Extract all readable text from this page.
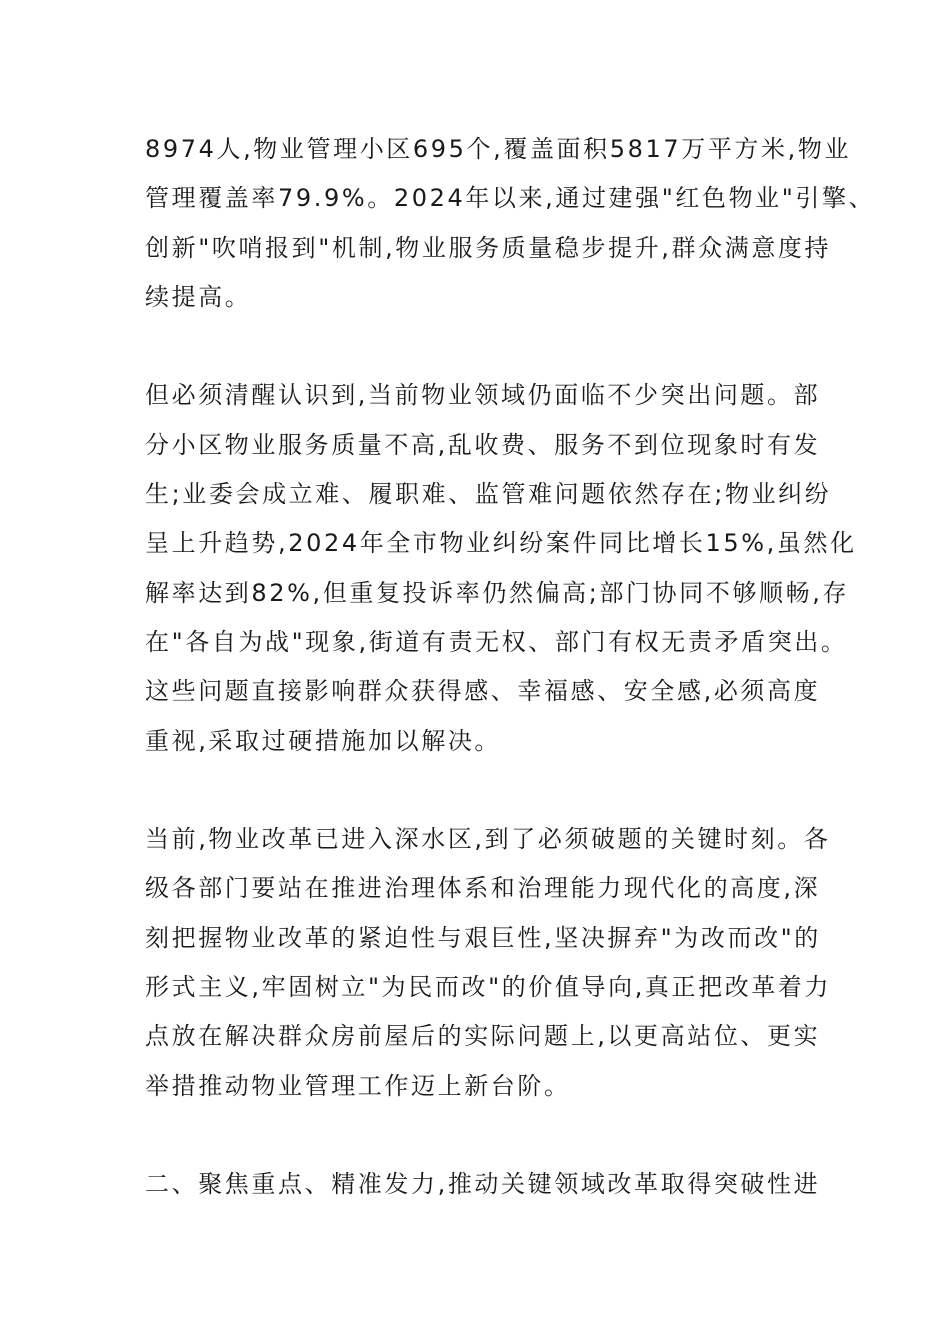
8974人,物业管理小区695个,覆盖面积5817万平方米,物业
管理覆盖率79.9%。2024年以来,通过建强"红色物业"引擎、
创新"吹哨报到"机制,物业服务质量稳步提升,群众满意度持
续提高。
但必须清醒认识到,当前物业领域仍面临不少突出问题。部
分小区物业服务质量不高,乱收费、服务不到位现象时有发
生;业委会成立难、履职难、监管难问题依然存在;物业纠纷
呈上升趋势,2024年全市物业纠纷案件同比增长15%,虽然化
解率达到82%,但重复投诉率仍然偏高;部门协同不够顺畅,存
在"各自为战"现象,街道有责无权、部门有权无责矛盾突出。
这些问题直接影响群众获得感、幸福感、安全感,必须高度
重视,采取过硬措施加以解决。
当前,物业改革已进入深水区,到了必须破题的关键时刻。各
级各部门要站在推进治理体系和治理能力现代化的高度,深
刻把握物业改革的紧迫性与艰巨性,坚决摒弃"为改而改"的
形式主义,牢固树立"为民而改"的价值导向,真正把改革着力
点放在解决群众房前屋后的实际问题上,以更高站位、更实
举措推动物业管理工作迈上新台阶。
二、聚焦重点、精准发力,推动关键领域改革取得突破性进
